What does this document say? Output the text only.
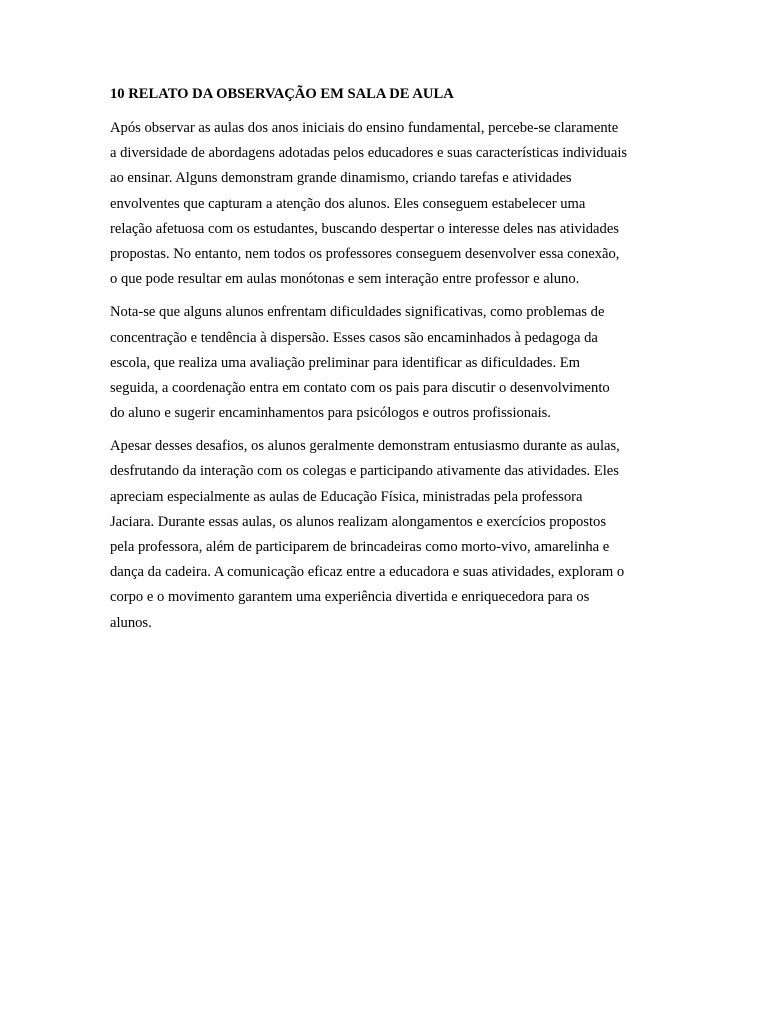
10 RELATO DA OBSERVAÇÃO EM SALA DE AULA
Após observar as aulas dos anos iniciais do ensino fundamental, percebe-se claramente
a diversidade de abordagens adotadas pelos educadores e suas características individuais
ao ensinar. Alguns demonstram grande dinamismo, criando tarefas e atividades
envolventes que capturam a atenção dos alunos. Eles conseguem estabelecer uma
relação afetuosa com os estudantes, buscando despertar o interesse deles nas atividades
propostas. No entanto, nem todos os professores conseguem desenvolver essa conexão,
o que pode resultar em aulas monótonas e sem interação entre professor e aluno.
Nota-se que alguns alunos enfrentam dificuldades significativas, como problemas de
concentração e tendência à dispersão. Esses casos são encaminhados à pedagoga da
escola, que realiza uma avaliação preliminar para identificar as dificuldades. Em
seguida, a coordenação entra em contato com os pais para discutir o desenvolvimento
do aluno e sugerir encaminhamentos para psicólogos e outros profissionais.
Apesar desses desafios, os alunos geralmente demonstram entusiasmo durante as aulas,
desfrutando da interação com os colegas e participando ativamente das atividades. Eles
apreciam especialmente as aulas de Educação Física, ministradas pela professora
Jaciara. Durante essas aulas, os alunos realizam alongamentos e exercícios propostos
pela professora, além de participarem de brincadeiras como morto-vivo, amarelinha e
dança da cadeira. A comunicação eficaz entre a educadora e suas atividades, exploram o
corpo e o movimento garantem uma experiência divertida e enriquecedora para os
alunos.
